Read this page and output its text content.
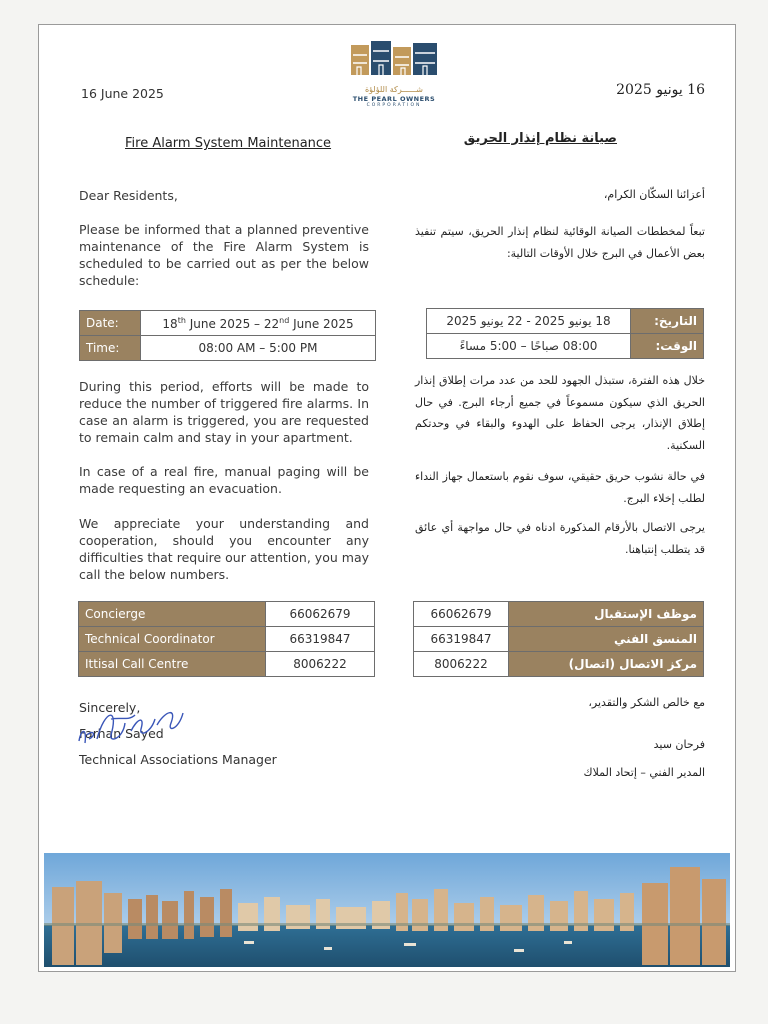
شــــــركة اللؤلؤة
THE PEARL OWNERS
CORPORATION
16 June 2025	16 يونيو 2025
Fire Alarm System Maintenance	صيانة نظام إنذار الحريق
Dear Residents,
Please be informed that a planned preventive maintenance of the Fire Alarm System is scheduled to be carried out as per the below schedule:
Date:	18th June 2025 – 22nd June 2025
Time:	08:00 AM – 5:00 PM
During this period, efforts will be made to reduce the number of triggered fire alarms. In case an alarm is triggered, you are requested to remain calm and stay in your apartment.
In case of a real fire, manual paging will be made requesting an evacuation.
We appreciate your understanding and cooperation, should you encounter any difficulties that require our attention, you may call the below numbers.
Concierge	66062679
Technical Coordinator	66319847
Ittisal Call Centre	8006222
Sincerely,
Farhan Sayed
Technical Associations Manager
أعزائنا السكّان الكرام،
تبعاً لمخططات الصيانة الوقائية لنظام إنذار الحريق، سيتم تنفيذ بعض الأعمال في البرج خلال الأوقات التالية:
18 يونيو 2025 - 22 يونيو 2025	التاريخ:
08:00 صباحًا – 5:00 مساءً	الوقت:
خلال هذه الفترة، ستبذل الجهود للحد من عدد مرات إطلاق إنذار الحريق الذي سيكون مسموعاً في جميع أرجاء البرج. في حال إطلاق الإنذار، يرجى الحفاظ على الهدوء والبقاء في وحدتكم السكنية.
في حالة نشوب حريق حقيقي، سوف نقوم باستعمال جهاز النداء لطلب إخلاء البرج.
يرجى الاتصال بالأرقام المذكورة ادناه في حال مواجهة أي عائق قد يتطلب إنتباهنا.
66062679	موظف الإستقبال
66319847	المنسق الفني
8006222	مركز الاتصال (اتصال)
مع خالص الشكر والتقدير،
فرحان سيد
المدير الفني – إتحاد الملاك
